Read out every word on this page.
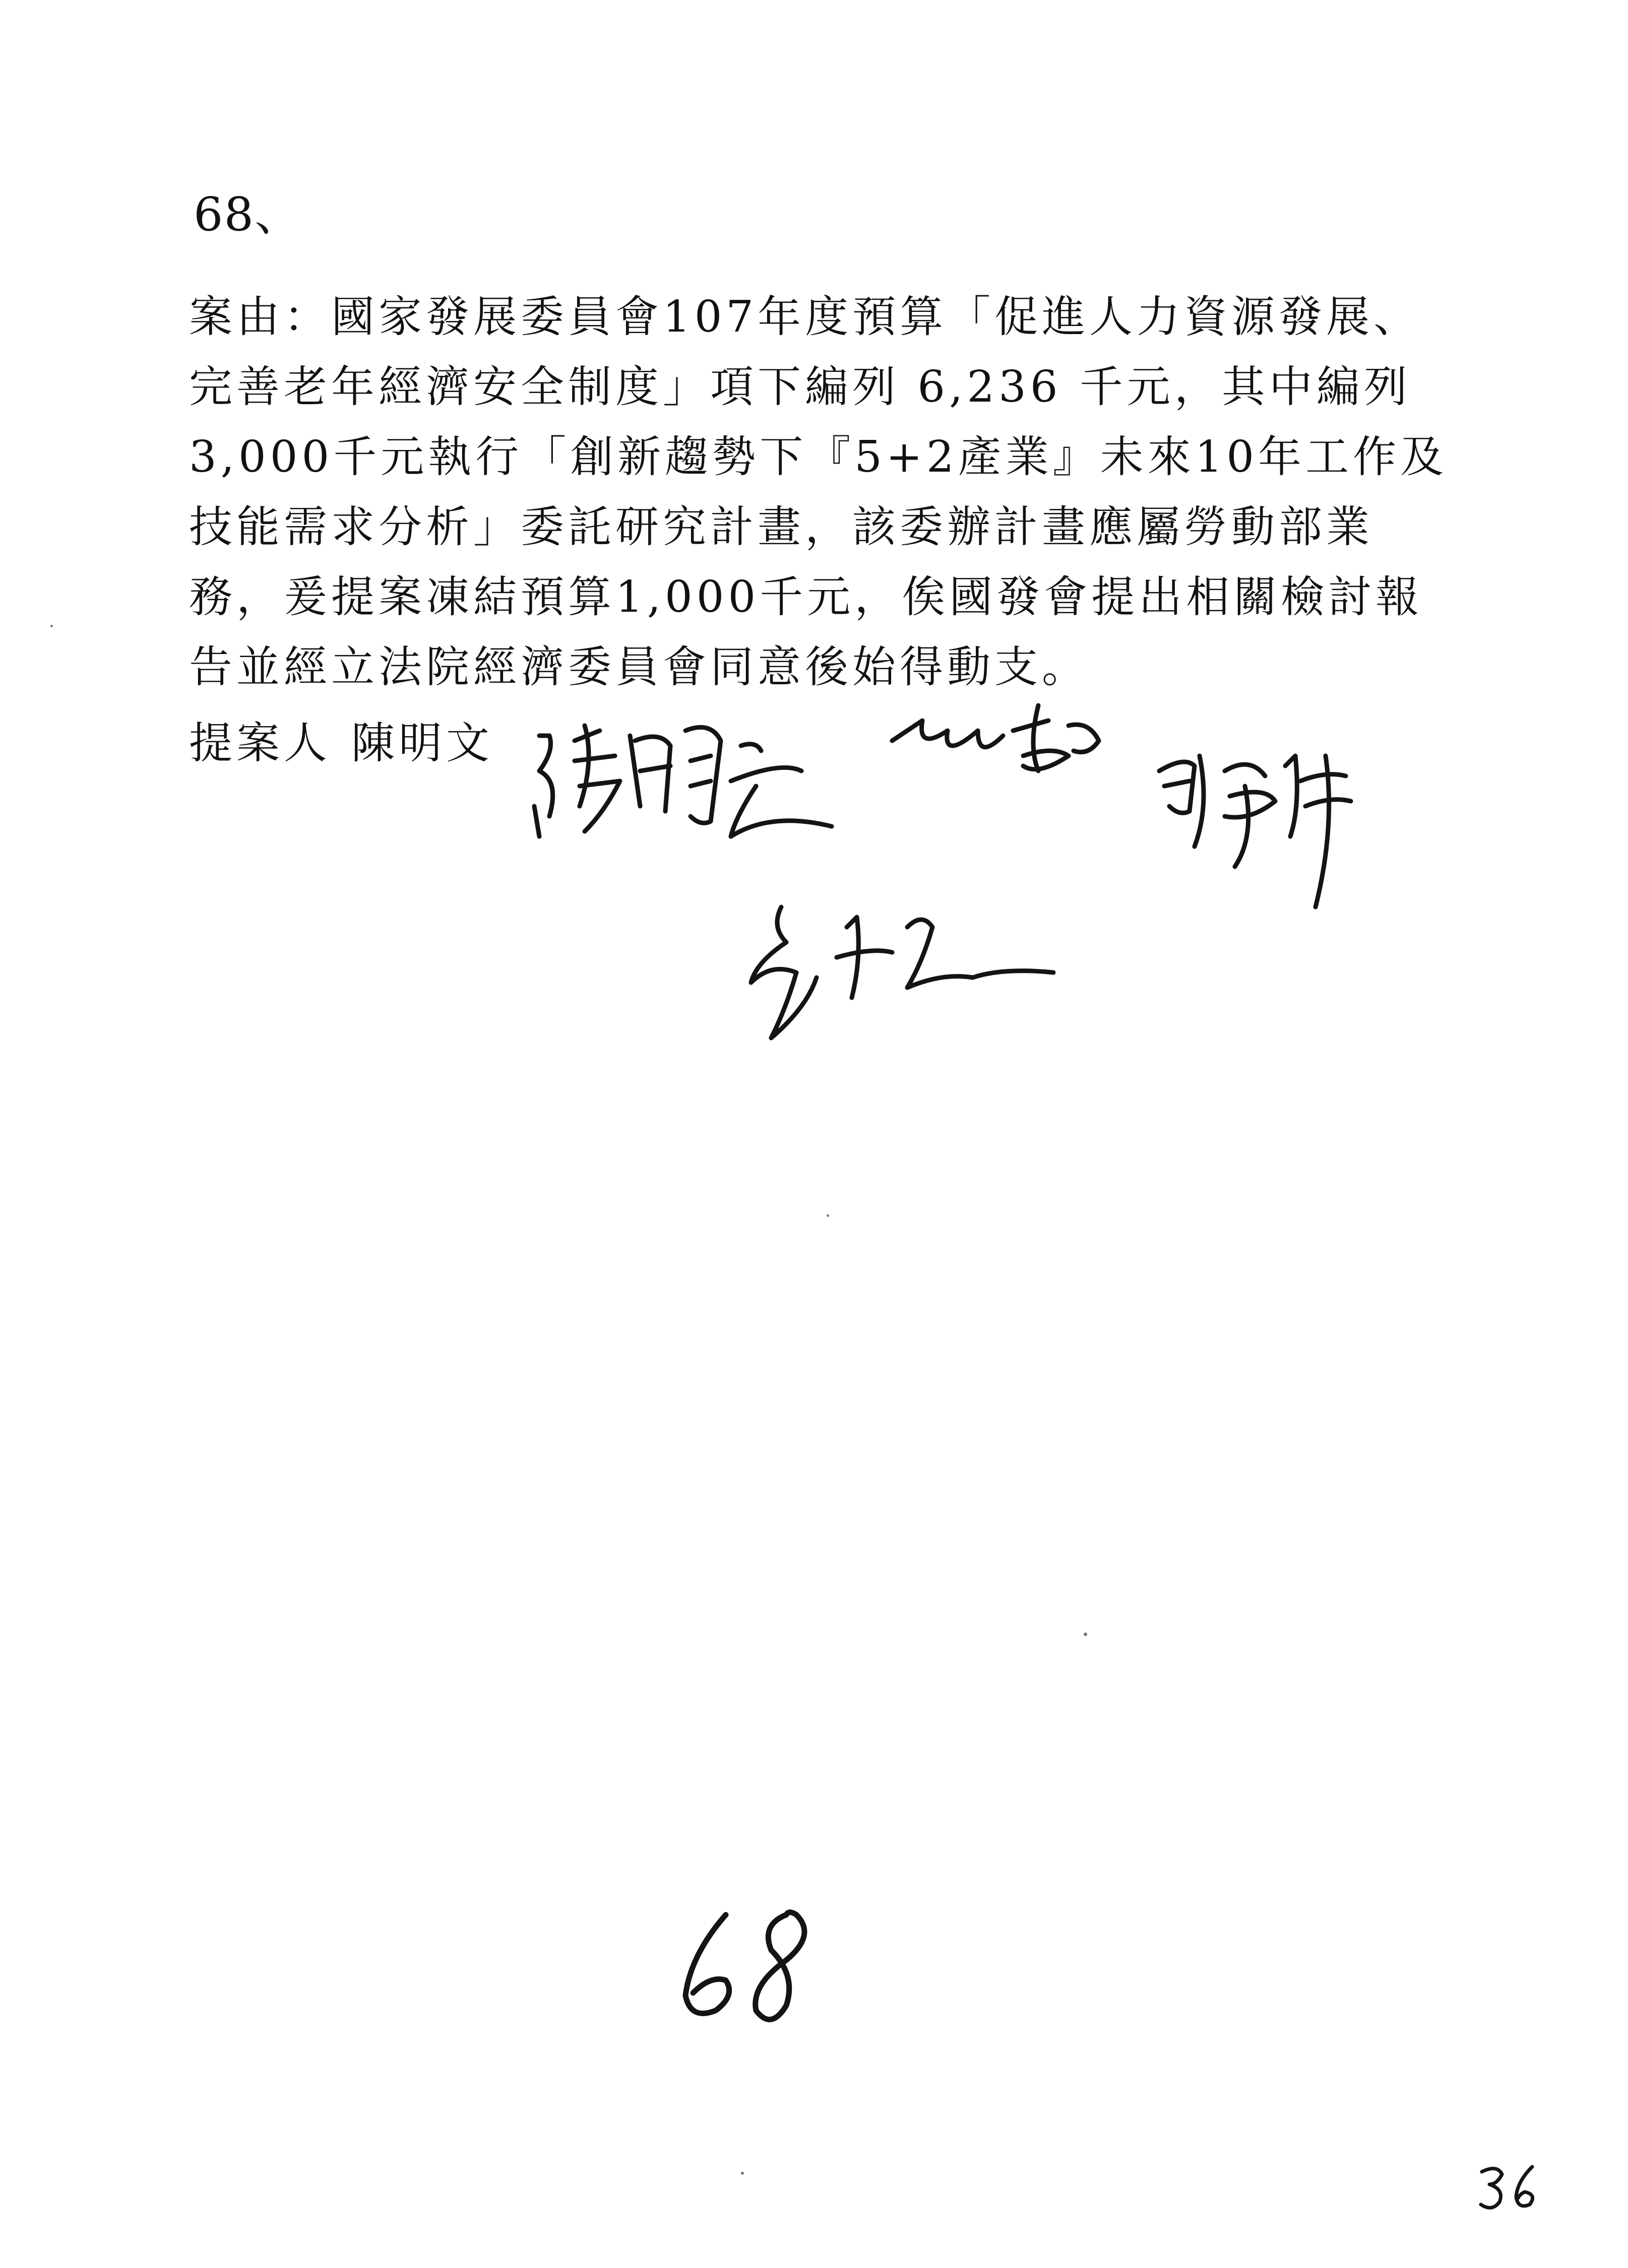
68、
案由：國家發展委員會107年度預算「促進人力資源發展、
完善老年經濟安全制度」項下編列 6,236 千元，其中編列
3,000千元執行「創新趨勢下『5+2產業』未來10年工作及
技能需求分析」委託研究計畫，該委辦計畫應屬勞動部業
務，爰提案凍結預算1,000千元，俟國發會提出相關檢討報
告並經立法院經濟委員會同意後始得動支。
提案人 陳明文
